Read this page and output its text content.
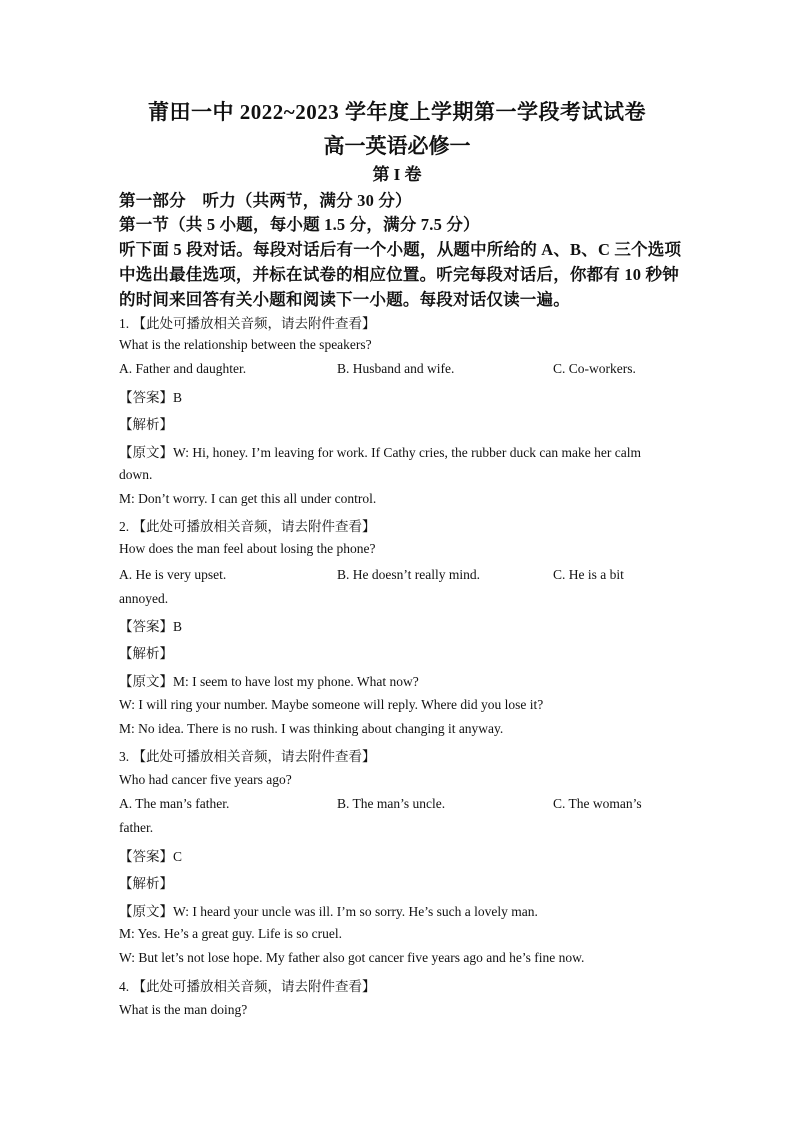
莆田一中 2022~2023 学年度上学期第一学段考试试卷
高一英语必修一
第 I 卷
第一部分　听力（共两节，满分 30 分）
第一节（共 5 小题，每小题 1.5 分，满分 7.5 分）
听下面 5 段对话。每段对话后有一个小题，从题中所给的 A、B、C 三个选项
中选出最佳选项，并标在试卷的相应位置。听完每段对话后，你都有 10 秒钟
的时间来回答有关小题和阅读下一小题。每段对话仅读一遍。
1. 【此处可播放相关音频，请去附件查看】
What is the relationship between the speakers?
A. Father and daughter.	B. Husband and wife.	C. Co-workers.
【答案】B
【解析】
【原文】W: Hi, honey. I’m leaving for work. If Cathy cries, the rubber duck can make her calm
down.
M: Don’t worry. I can get this all under control.
2. 【此处可播放相关音频，请去附件查看】
How does the man feel about losing the phone?
A. He is very upset.	B. He doesn’t really mind.	C. He is a bit
annoyed.
【答案】B
【解析】
【原文】M: I seem to have lost my phone. What now?
W: I will ring your number. Maybe someone will reply. Where did you lose it?
M: No idea. There is no rush. I was thinking about changing it anyway.
3. 【此处可播放相关音频，请去附件查看】
Who had cancer five years ago?
A. The man’s father.	B. The man’s uncle.	C. The woman’s
father.
【答案】C
【解析】
【原文】W: I heard your uncle was ill. I’m so sorry. He’s such a lovely man.
M: Yes. He’s a great guy. Life is so cruel.
W: But let’s not lose hope. My father also got cancer five years ago and he’s fine now.
4. 【此处可播放相关音频，请去附件查看】
What is the man doing?
